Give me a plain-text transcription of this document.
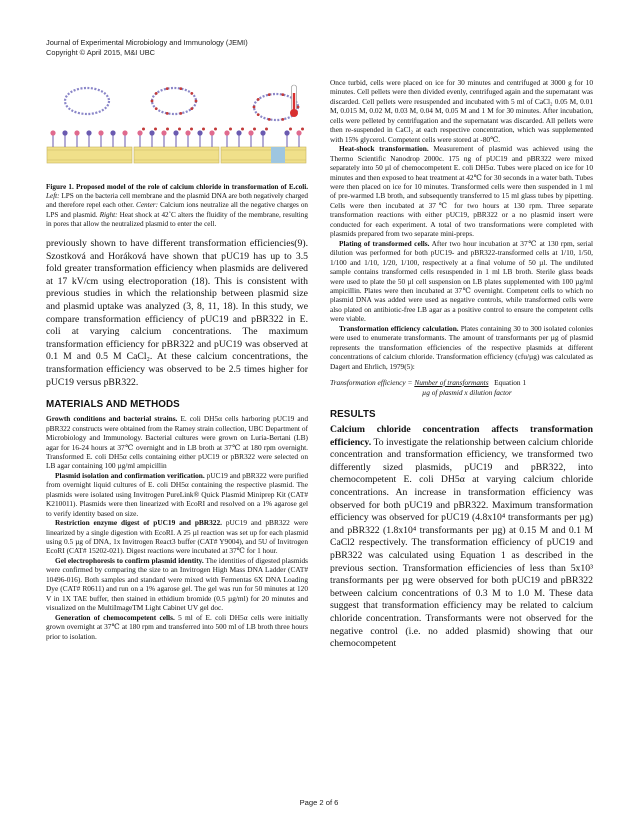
Journal of Experimental Microbiology and Immunology (JEMI)
Copyright © April 2015, M&I UBC
Figure 1. Proposed model of the role of calcium chloride in transformation of E.coli. Left: LPS on the bacteria cell membrane and the plasmid DNA are both negatively charged and therefore repel each other. Center: Calcium ions neutralize all the negative charges on LPS and plasmid. Right: Heat shock at 42˚C alters the fluidity of the membrane, resulting in pores that allow the neutralized plasmid to enter the cell.

previously shown to have different transformation efficiencies(9). Szostková and Horáková have shown that pUC19 has up to 3.5 fold greater transformation efficiency when plasmids are delivered at 17 kV/cm using electroporation (18). This is consistent with previous studies in which the relationship between plasmid size and plasmid uptake was analyzed (3, 8, 11, 18). In this study, we compare transformation efficiency of pUC19 and pBR322 in E. coli at varying calcium concentrations. The maximum transformation efficiency for pBR322 and pUC19 was observed at 0.1 M and 0.5 M CaCl₂. At these calcium concentrations, the transformation efficiency was observed to be 2.5 times higher for pUC19 versus pBR322.

MATERIALS AND METHODS

Growth conditions and bacterial strains. E. coli DH5α cells harboring pUC19 and pBR322 constructs were obtained from the Ramey strain collection, UBC Department of Microbiology and Immunology. Bacterial cultures were grown on Luria-Bertani (LB) agar for 16-24 hours at 37℃ overnight and in LB broth at 37℃ at 180 rpm overnight. Transformed E. coli DH5α cells containing either pUC19 or pBR322 were selected on LB agar containing 100 µg/ml ampicillin

Plasmid isolation and confirmation verification. pUC19 and pBR322 were purified from overnight liquid cultures of E. coli DH5α containing the respective plasmid. The plasmids were isolated using Invitrogen PureLink® Quick Plasmid Miniprep Kit (CAT# K210011). Plasmids were then linearized with EcoRI and resolved on a 1% agarose gel to verify identity based on size.

Restriction enzyme digest of pUC19 and pBR322. pUC19 and pBR322 were linearized by a single digestion with EcoRI. A 25 µl reaction was set up for each plasmid using 0.5 µg of DNA, 1x Invitrogen React3 buffer (CAT# Y9004), and 5U of Invitrogen EcoRI (CAT# 15202-021). Digest reactions were incubated at 37℃ for 1 hour.

Gel electrophoresis to confirm plasmid identity. The identities of digested plasmids were confirmed by comparing the size to an Invitrogen High Mass DNA Ladder (CAT# 10496-016). Both samples and standard were mixed with Fermentas 6X DNA Loading Dye (CAT# R0611) and run on a 1% agarose gel. The gel was run for 50 minutes at 120 V in 1X TAE buffer, then stained in ethidium bromide (0.5 µg/ml) for 20 minutes and visualized on the MultiImageTM Light Cabinet UV gel doc.

Generation of chemocompetent cells. 5 ml of E. coli DH5α cells were initially grown overnight at 37℃ at 180 rpm and transferred into 500 ml of LB broth three hours prior to isolation.

Once turbid, cells were placed on ice for 30 minutes and centrifuged at 3000 g for 10 minutes. Cell pellets were then divided evenly, centrifuged again and the supernatant was discarded. Cell pellets were resuspended and incubated with 5 ml of CaCl₂ 0.05 M, 0.01 M, 0.015 M, 0.02 M, 0.03 M, 0.04 M, 0.05 M and 1 M for 30 minutes. After incubation, cells were pelleted by centrifugation and the supernatant was discarded. All pellets were then re-suspended in CaCl₂ at each respective concentration, which was supplemented with 15% glycerol. Competent cells were stored at -80℃.

Heat-shock transformation. Measurement of plasmid was achieved using the Thermo Scientific Nanodrop 2000c. 175 ng of pUC19 and pBR322 were mixed separately into 50 µl of chemocompetent E. coli DH5α. Tubes were placed on ice for 10 minutes and then exposed to heat treatment at 42℃ for 30 seconds in a water bath. Tubes were then placed on ice for 10 minutes. Transformed cells were then suspended in 1 ml of pre-warmed LB broth, and subsequently transferred to 15 ml glass tubes by pipetting. Cells were then incubated at 37℃ for two hours at 130 rpm. Three separate transformation reactions with either pUC19, pBR322 or a no plasmid insert were conducted for each experiment. A total of two transformations were completed with plasmids prepared from two separate mini-preps.

Plating of transformed cells. After two hour incubation at 37℃ at 130 rpm, serial dilution was performed for both pUC19- and pBR322-transformed cells at 1/10, 1/50, 1/100 and 1/10, 1/20, 1/100, respectively at a final volume of 50 µl. The undiluted sample contains transformed cells resuspended in 1 ml LB broth. Sterile glass beads were used to plate the 50 µl cell suspension on LB plates supplemented with 100 µg/ml ampicillin. Plates were then incubated at 37℃ overnight. Competent cells to which no plasmid DNA was added were used as negative controls, while transformed cells were also plated on antibiotic-free LB agar as a positive control to ensure the competent cells were viable.

Transformation efficiency calculation. Plates containing 30 to 300 isolated colonies were used to enumerate transformants. The amount of transformants per µg of plasmid represents the transformation efficiencies of the respective plasmids at different concentrations of calcium chloride. Transformation efficiency (cfu/µg) was calculated as Dagert and Ehrlich, 1979(5):

Transformation efficiency = Number of transformants Equation 1
µg of plasmid x dilution factor
RESULTS

Calcium chloride concentration affects transformation efficiency. To investigate the relationship between calcium chloride concentration and transformation efficiency, we transformed two differently sized plasmids, pUC19 and pBR322, into chemocompetent E. coli DH5α at varying calcium chloride concentrations. An increase in transformation efficiency was observed for both pUC19 and pBR322. Maximum transformation efficiency was observed for pUC19 (4.8x10⁴ transformants per µg) and pBR322 (1.8x10⁴ transformants per µg) at 0.15 M and 0.1 M CaCl2 respectively. The transformation efficiency of pUC19 and pBR322 was calculated using Equation 1 as described in the previous section. Transformation efficiencies of less than 5x10³ transformants per µg were observed for both pUC19 and pBR322 between calcium concentrations of 0.3 M to 1.0 M. These data suggest that transformation efficiency may be related to calcium chloride concentration. Transformants were not observed for the negative control (i.e. no added plasmid) showing that our chemocompetent

Page 2 of 6
